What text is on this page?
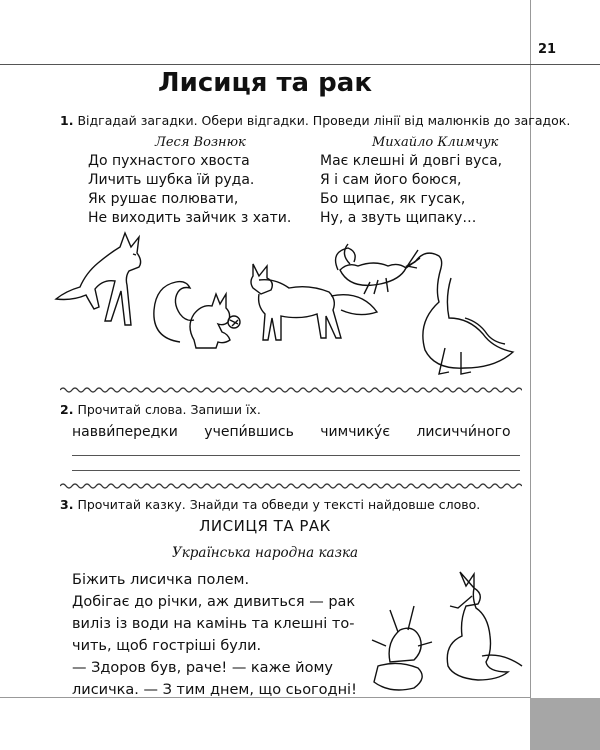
21
Лисиця та рак
1. Відгадай загадки. Обери відгадки. Проведи лінії від малюнків до загадок.
Леся Вознюк
До пухнастого хвоста
Личить шубка їй руда.
Як рушає полювати,
Не виходить зайчик з хати.
Михайло Климчук
Має клешні й довгі вуса,
Я і сам його боюся,
Бо щипає, як гусак,
Ну, а звуть щипаку…
2. Прочитай слова. Запиши їх.
навви́передки учепи́вшись чимчику́є лисиччи́ного
3. Прочитай казку. Знайди та обведи у тексті найдовше слово.
ЛИСИЦЯ ТА РАК
Українська народна казка
Біжить лисичка полем.
Добігає до річки, аж дивиться — рак
виліз із води на камінь та клешні то-
чить, щоб гостріші були.
— Здоров був, раче! — каже йому
лисичка. — З тим днем, що сьогодні!
